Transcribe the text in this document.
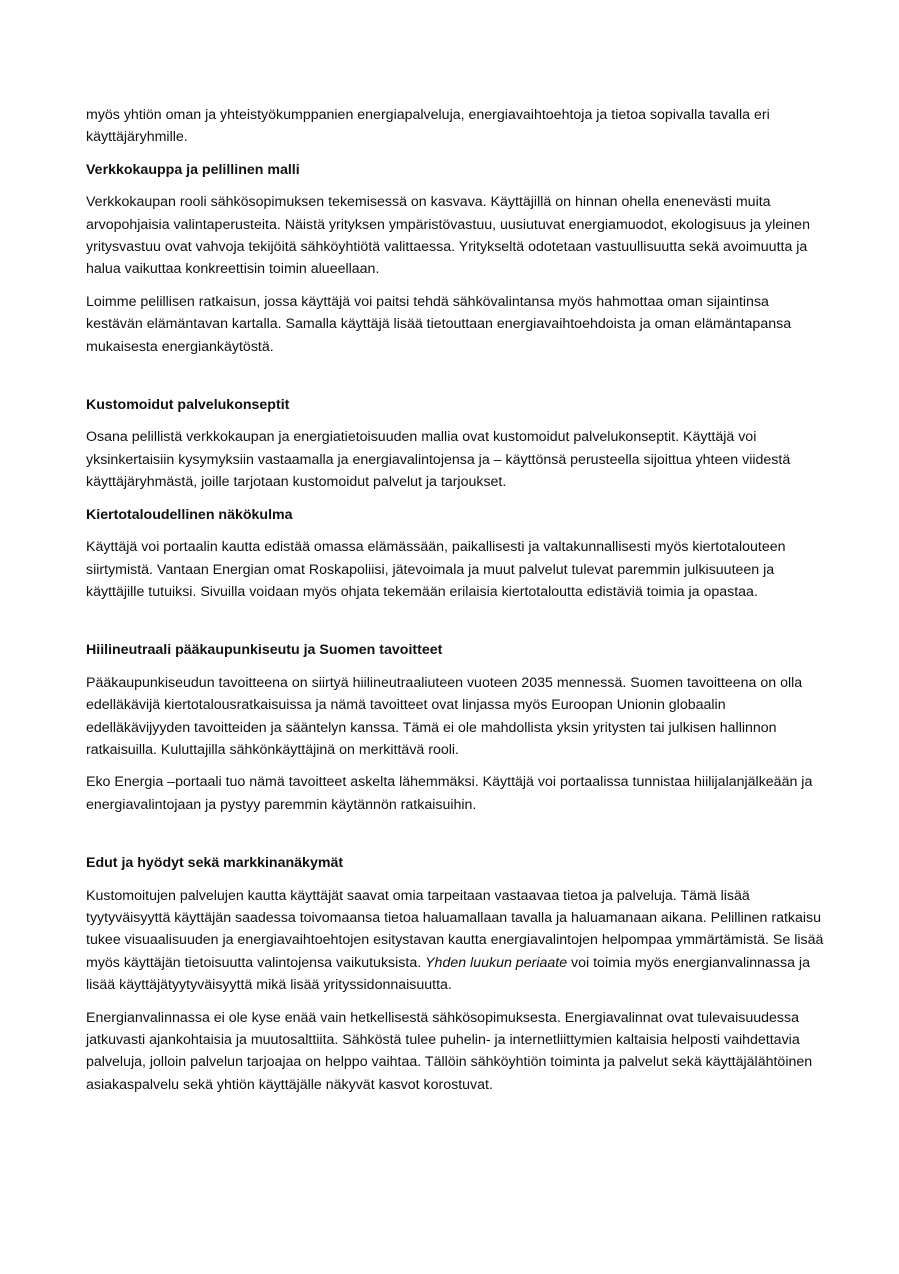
myös yhtiön oman ja yhteistyökumppanien energiapalveluja, energiavaihtoehtoja ja tietoa sopivalla tavalla eri käyttäjäryhmille.

Verkkokauppa ja pelillinen malli

Verkkokaupan rooli sähkösopimuksen tekemisessä on kasvava. Käyttäjillä on hinnan ohella enenevästi muita arvopohjaisia valintaperusteita. Näistä yrityksen ympäristövastuu, uusiutuvat energiamuodot, ekologisuus ja yleinen yritysvastuu ovat vahvoja tekijöitä sähköyhtiötä valittaessa. Yritykseltä odotetaan vastuullisuutta sekä avoimuutta ja halua vaikuttaa konkreettisin toimin alueellaan.

Loimme pelillisen ratkaisun, jossa käyttäjä voi paitsi tehdä sähkövalintansa myös hahmottaa oman sijaintinsa kestävän elämäntavan kartalla. Samalla käyttäjä lisää tietouttaan energiavaihtoehdoista ja oman elämäntapansa mukaisesta energiankäytöstä.

Kustomoidut palvelukonseptit

Osana pelillistä verkkokaupan ja energiatietoisuuden mallia ovat kustomoidut palvelukonseptit. Käyttäjä voi yksinkertaisiin kysymyksiin vastaamalla ja energiavalintojensa ja – käyttönsä perusteella sijoittua yhteen viidestä käyttäjäryhmästä, joille tarjotaan kustomoidut palvelut ja tarjoukset.

Kiertotaloudellinen näkökulma

Käyttäjä voi portaalin kautta edistää omassa elämässään, paikallisesti ja valtakunnallisesti myös kiertotalouteen siirtymistä. Vantaan Energian omat Roskapoliisi, jätevoimala ja muut palvelut tulevat paremmin julkisuuteen ja käyttäjille tutuiksi. Sivuilla voidaan myös ohjata tekemään erilaisia kiertotaloutta edistäviä toimia ja opastaa.

Hiilineutraali pääkaupunkiseutu ja Suomen tavoitteet

Pääkaupunkiseudun tavoitteena on siirtyä hiilineutraaliuteen vuoteen 2035 mennessä. Suomen tavoitteena on olla edelläkävijä kiertotalousratkaisuissa ja nämä tavoitteet ovat linjassa myös Euroopan Unionin globaalin edelläkävijyyden tavoitteiden ja sääntelyn kanssa. Tämä ei ole mahdollista yksin yritysten tai julkisen hallinnon ratkaisuilla. Kuluttajilla sähkönkäyttäjinä on merkittävä rooli.

Eko Energia –portaali tuo nämä tavoitteet askelta lähemmäksi. Käyttäjä voi portaalissa tunnistaa hiilijalanjälkeään ja energiavalintojaan ja pystyy paremmin käytännön ratkaisuihin.

Edut ja hyödyt sekä markkinanäkymät

Kustomoitujen palvelujen kautta käyttäjät saavat omia tarpeitaan vastaavaa tietoa ja palveluja. Tämä lisää tyytyväisyyttä käyttäjän saadessa toivomaansa tietoa haluamallaan tavalla ja haluamanaan aikana. Pelillinen ratkaisu tukee visuaalisuuden ja energiavaihtoehtojen esitystavan kautta energiavalintojen helpompaa ymmärtämistä. Se lisää myös käyttäjän tietoisuutta valintojensa vaikutuksista. Yhden luukun periaate voi toimia myös energianvalinnassa ja lisää käyttäjätyytyväisyyttä mikä lisää yrityssidonnaisuutta.

Energianvalinnassa ei ole kyse enää vain hetkellisestä sähkösopimuksesta. Energiavalinnat ovat tulevaisuudessa jatkuvasti ajankohtaisia ja muutosalttiita. Sähköstä tulee puhelin- ja internetliittymien kaltaisia helposti vaihdettavia palveluja, jolloin palvelun tarjoajaa on helppo vaihtaa. Tällöin sähköyhtiön toiminta ja palvelut sekä käyttäjälähtöinen asiakaspalvelu sekä yhtiön käyttäjälle näkyvät kasvot korostuvat.
